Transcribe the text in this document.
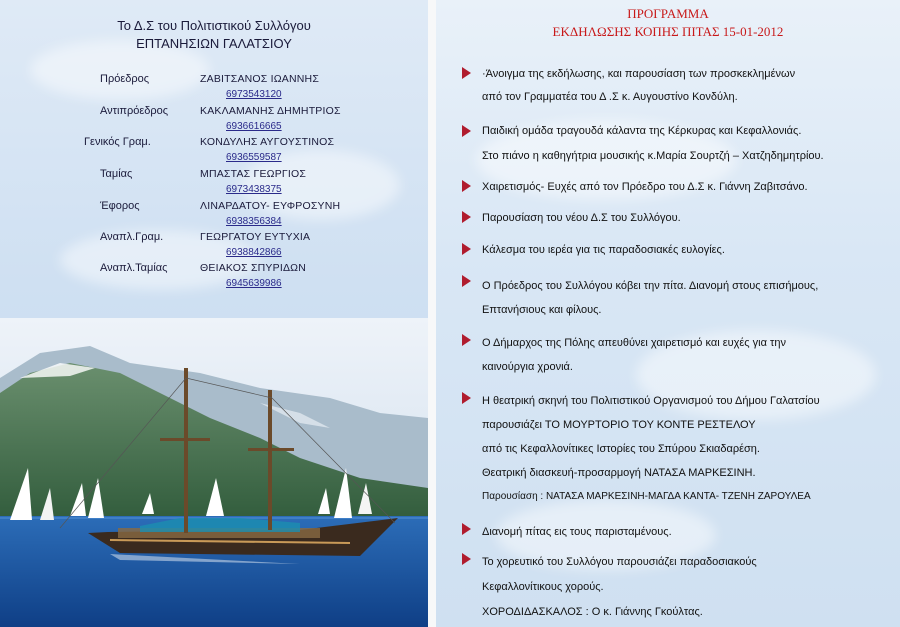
Το Δ.Σ του Πολιτιστικού Συλλόγου
ΕΠΤΑΝΗΣΙΩΝ ΓΑΛΑΤΣΙΟΥ
Πρόεδρος	ΖΑΒΙΤΣΑΝΟΣ ΙΩΑΝΝΗΣ
6973543120
Αντιπρόεδρος	ΚΑΚΛΑΜΑΝΗΣ ΔΗΜΗΤΡΙΟΣ
6936616665
Γενικός Γραμ.	ΚΟΝΔΥΛΗΣ ΑΥΓΟΥΣΤΙΝΟΣ
6936559587
Ταμίας	ΜΠΑΣΤΑΣ ΓΕΩΡΓΙΟΣ
6973438375
Έφορος	ΛΙΝΑΡΔΑΤΟΥ- ΕΥΦΡΟΣΥΝΗ
6938356384
Αναπλ.Γραμ.	ΓΕΩΡΓΑΤΟΥ ΕΥΤΥΧΙΑ
6938842866
Αναπλ.Ταμίας	ΘΕΙΑΚΟΣ ΣΠΥΡΙΔΩΝ
6945639986
ΠΡΟΓΡΑΜΜΑ
ΕΚΔΗΛΩΣΗΣ ΚΟΠΗΣ ΠΙΤΑΣ 15-01-2012
·Άνοιγμα της εκδήλωσης, και παρουσίαση των προσκεκλημένων
από τον Γραμματέα του Δ .Σ κ. Αυγουστίνο Κονδύλη.
Παιδική ομάδα τραγουδά κάλαντα της Κέρκυρας και Κεφαλλονιάς.
Στο πιάνο η καθηγήτρια μουσικής κ.Μαρία Σουρτζή – Χατζηδημητρίου.
Χαιρετισμός- Ευχές από τον Πρόεδρο του Δ.Σ κ. Γιάννη Ζαβιτσάνο.
Παρουσίαση του νέου Δ.Σ του Συλλόγου.
Κάλεσμα του ιερέα για τις παραδοσιακές ευλογίες.
Ο Πρόεδρος του Συλλόγου κόβει την πίτα. Διανομή στους επισήμους,
Επτανήσιους και φίλους.
Ο Δήμαρχος της Πόλης απευθύνει χαιρετισμό και ευχές για την
καινούργια χρονιά.
Η θεατρική σκηνή του Πολιτιστικού Οργανισμού του Δήμου Γαλατσίου
παρουσιάζει ΤΟ ΜΟΥΡΤΟΡΙΟ ΤΟΥ ΚΟΝΤΕ ΡΕΣΤΕΛΟΥ
από τις Κεφαλλονίτικες Ιστορίες του Σπύρου Σκιαδαρέση.
Θεατρική διασκευή-προσαρμογή ΝΑΤΑΣΑ ΜΑΡΚΕΣΙΝΗ.
Παρουσίαση : ΝΑΤΑΣΑ ΜΑΡΚΕΣΙΝΗ-ΜΑΓΔΑ ΚΑΝΤΑ- ΤΖΕΝΗ ΖΑΡΟΥΛΕΑ
Διανομή πίτας εις τους παρισταμένους.
Το χορευτικό του Συλλόγου παρουσιάζει παραδοσιακούς
Κεφαλλονίτικους χορούς.
ΧΟΡΟΔΙΔΑΣΚΑΛΟΣ : Ο κ. Γιάννης Γκούλτας.
